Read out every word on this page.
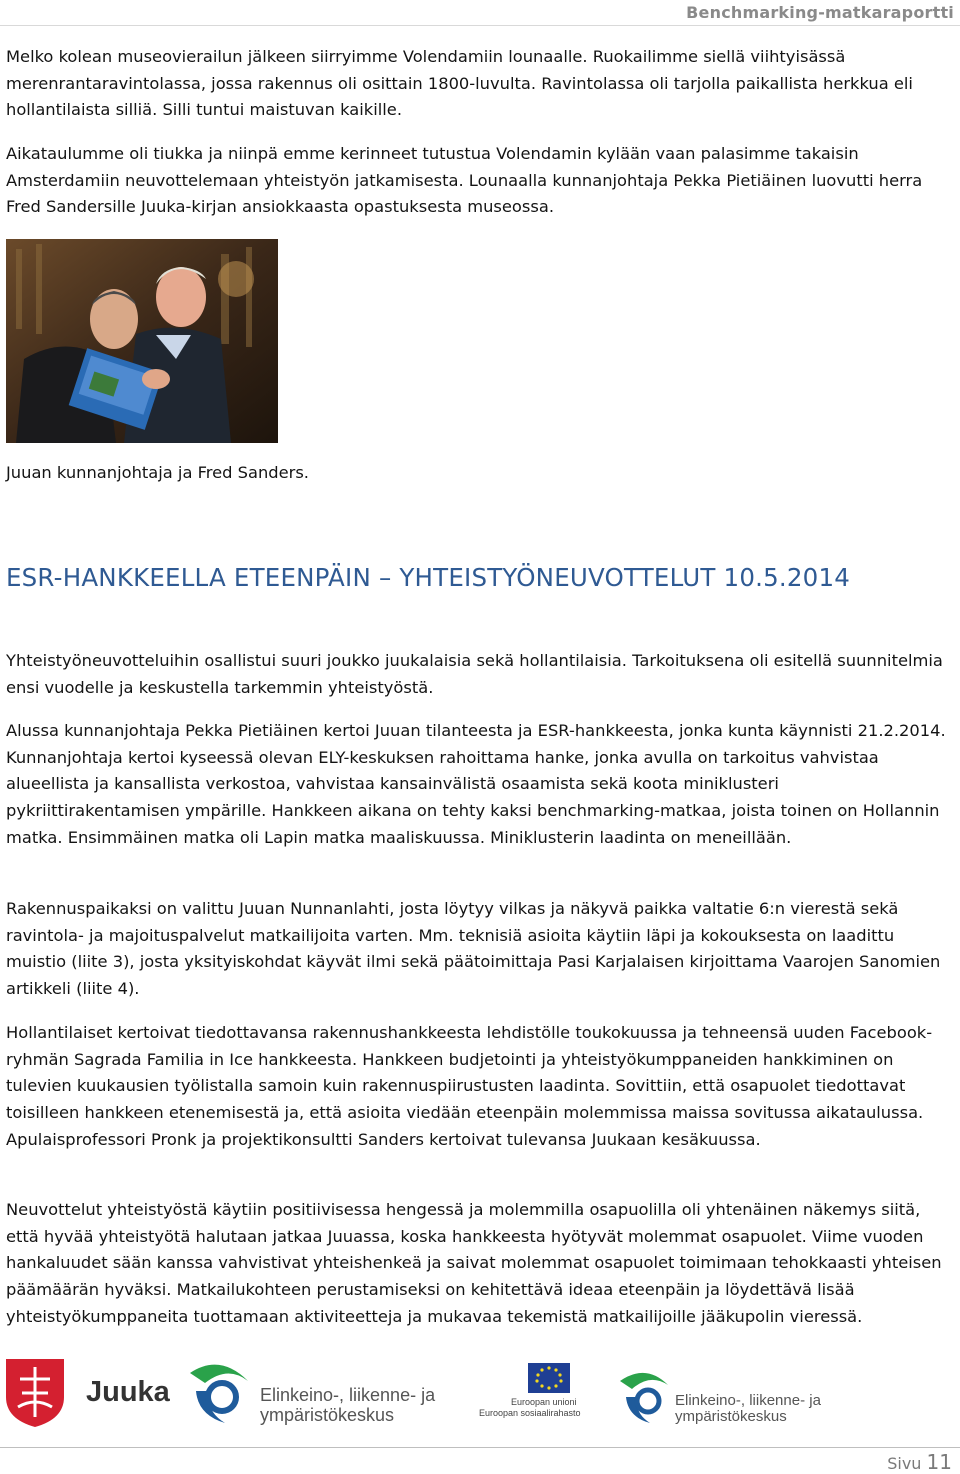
Benchmarking-matkaraportti

Melko kolean museovierailun jälkeen siirryimme Volendamiin lounaalle. Ruokailimme siellä viihtyisässä merenrantaravintolassa, jossa rakennus oli osittain 1800-luvulta. Ravintolassa oli tarjolla paikallista herkkua eli hollantilaista silliä. Silli tuntui maistuvan kaikille.

Aikataulumme oli tiukka ja niinpä emme kerinneet tutustua Volendamin kylään vaan palasimme takaisin Amsterdamiin neuvottelemaan yhteistyön jatkamisesta. Lounaalla kunnanjohtaja Pekka Pietiäinen luovutti herra Fred Sandersille Juuka-kirjan ansiokkaasta opastuksesta museossa.

Juuan kunnanjohtaja ja Fred Sanders.
ESR-HANKKEELLA ETEENPÄIN – YHTEISTYÖNEUVOTTELUT 10.5.2014

Yhteistyöneuvotteluihin osallistui suuri joukko juukalaisia sekä hollantilaisia. Tarkoituksena oli esitellä suunnitelmia ensi vuodelle ja keskustella tarkemmin yhteistyöstä.

Alussa kunnanjohtaja Pekka Pietiäinen kertoi Juuan tilanteesta ja ESR-hankkeesta, jonka kunta käynnisti 21.2.2014. Kunnanjohtaja kertoi kyseessä olevan ELY-keskuksen rahoittama hanke, jonka avulla on tarkoitus vahvistaa alueellista ja kansallista verkostoa, vahvistaa kansainvälistä osaamista sekä koota miniklusteri pykriittirakentamisen ympärille. Hankkeen aikana on tehty kaksi benchmarking-matkaa, joista toinen on Hollannin matka. Ensimmäinen matka oli Lapin matka maaliskuussa. Miniklusterin laadinta on meneillään.

Rakennuspaikaksi on valittu Juuan Nunnanlahti, josta löytyy vilkas ja näkyvä paikka valtatie 6:n vierestä sekä ravintola- ja majoituspalvelut matkailijoita varten. Mm. teknisiä asioita käytiin läpi ja kokouksesta on laadittu muistio (liite 3), josta yksityiskohdat käyvät ilmi sekä päätoimittaja Pasi Karjalaisen kirjoittama Vaarojen Sanomien artikkeli (liite 4).

Hollantilaiset kertoivat tiedottavansa rakennushankkeesta lehdistölle toukokuussa ja tehneensä uuden Facebook-ryhmän Sagrada Familia in Ice hankkeesta. Hankkeen budjetointi ja yhteistyökumppaneiden hankkiminen on tulevien kuukausien työlistalla samoin kuin rakennuspiirustusten laadinta. Sovittiin, että osapuolet tiedottavat toisilleen hankkeen etenemisestä ja, että asioita viedään eteenpäin molemmissa maissa sovitussa aikataulussa. Apulaisprofessori Pronk ja projektikonsultti Sanders kertoivat tulevansa Juukaan kesäkuussa.

Neuvottelut yhteistyöstä käytiin positiivisessa hengessä ja molemmilla osapuolilla oli yhtenäinen näkemys siitä, että hyvää yhteistyötä halutaan jatkaa Juuassa, koska hankkeesta hyötyvät molemmat osapuolet. Viime vuoden hankaluudet sään kanssa vahvistivat yhteishenkeä ja saivat molemmat osapuolet toimimaan tehokkaasti yhteisen päämäärän hyväksi. Matkailukohteen perustamiseksi on kehitettävä ideaa eteenpäin ja löydettävä lisää yhteistyökumppaneita tuottamaan aktiviteetteja ja mukavaa tekemistä matkailijoille jääkupolin vieressä.

Juuka	Elinkeino-, liikenne- ja
ympäristökeskus
Euroopan unioni
Euroopan sosiaalirahasto
Elinkeino-, liikenne- ja
ympäristökeskus
Sivu 11
